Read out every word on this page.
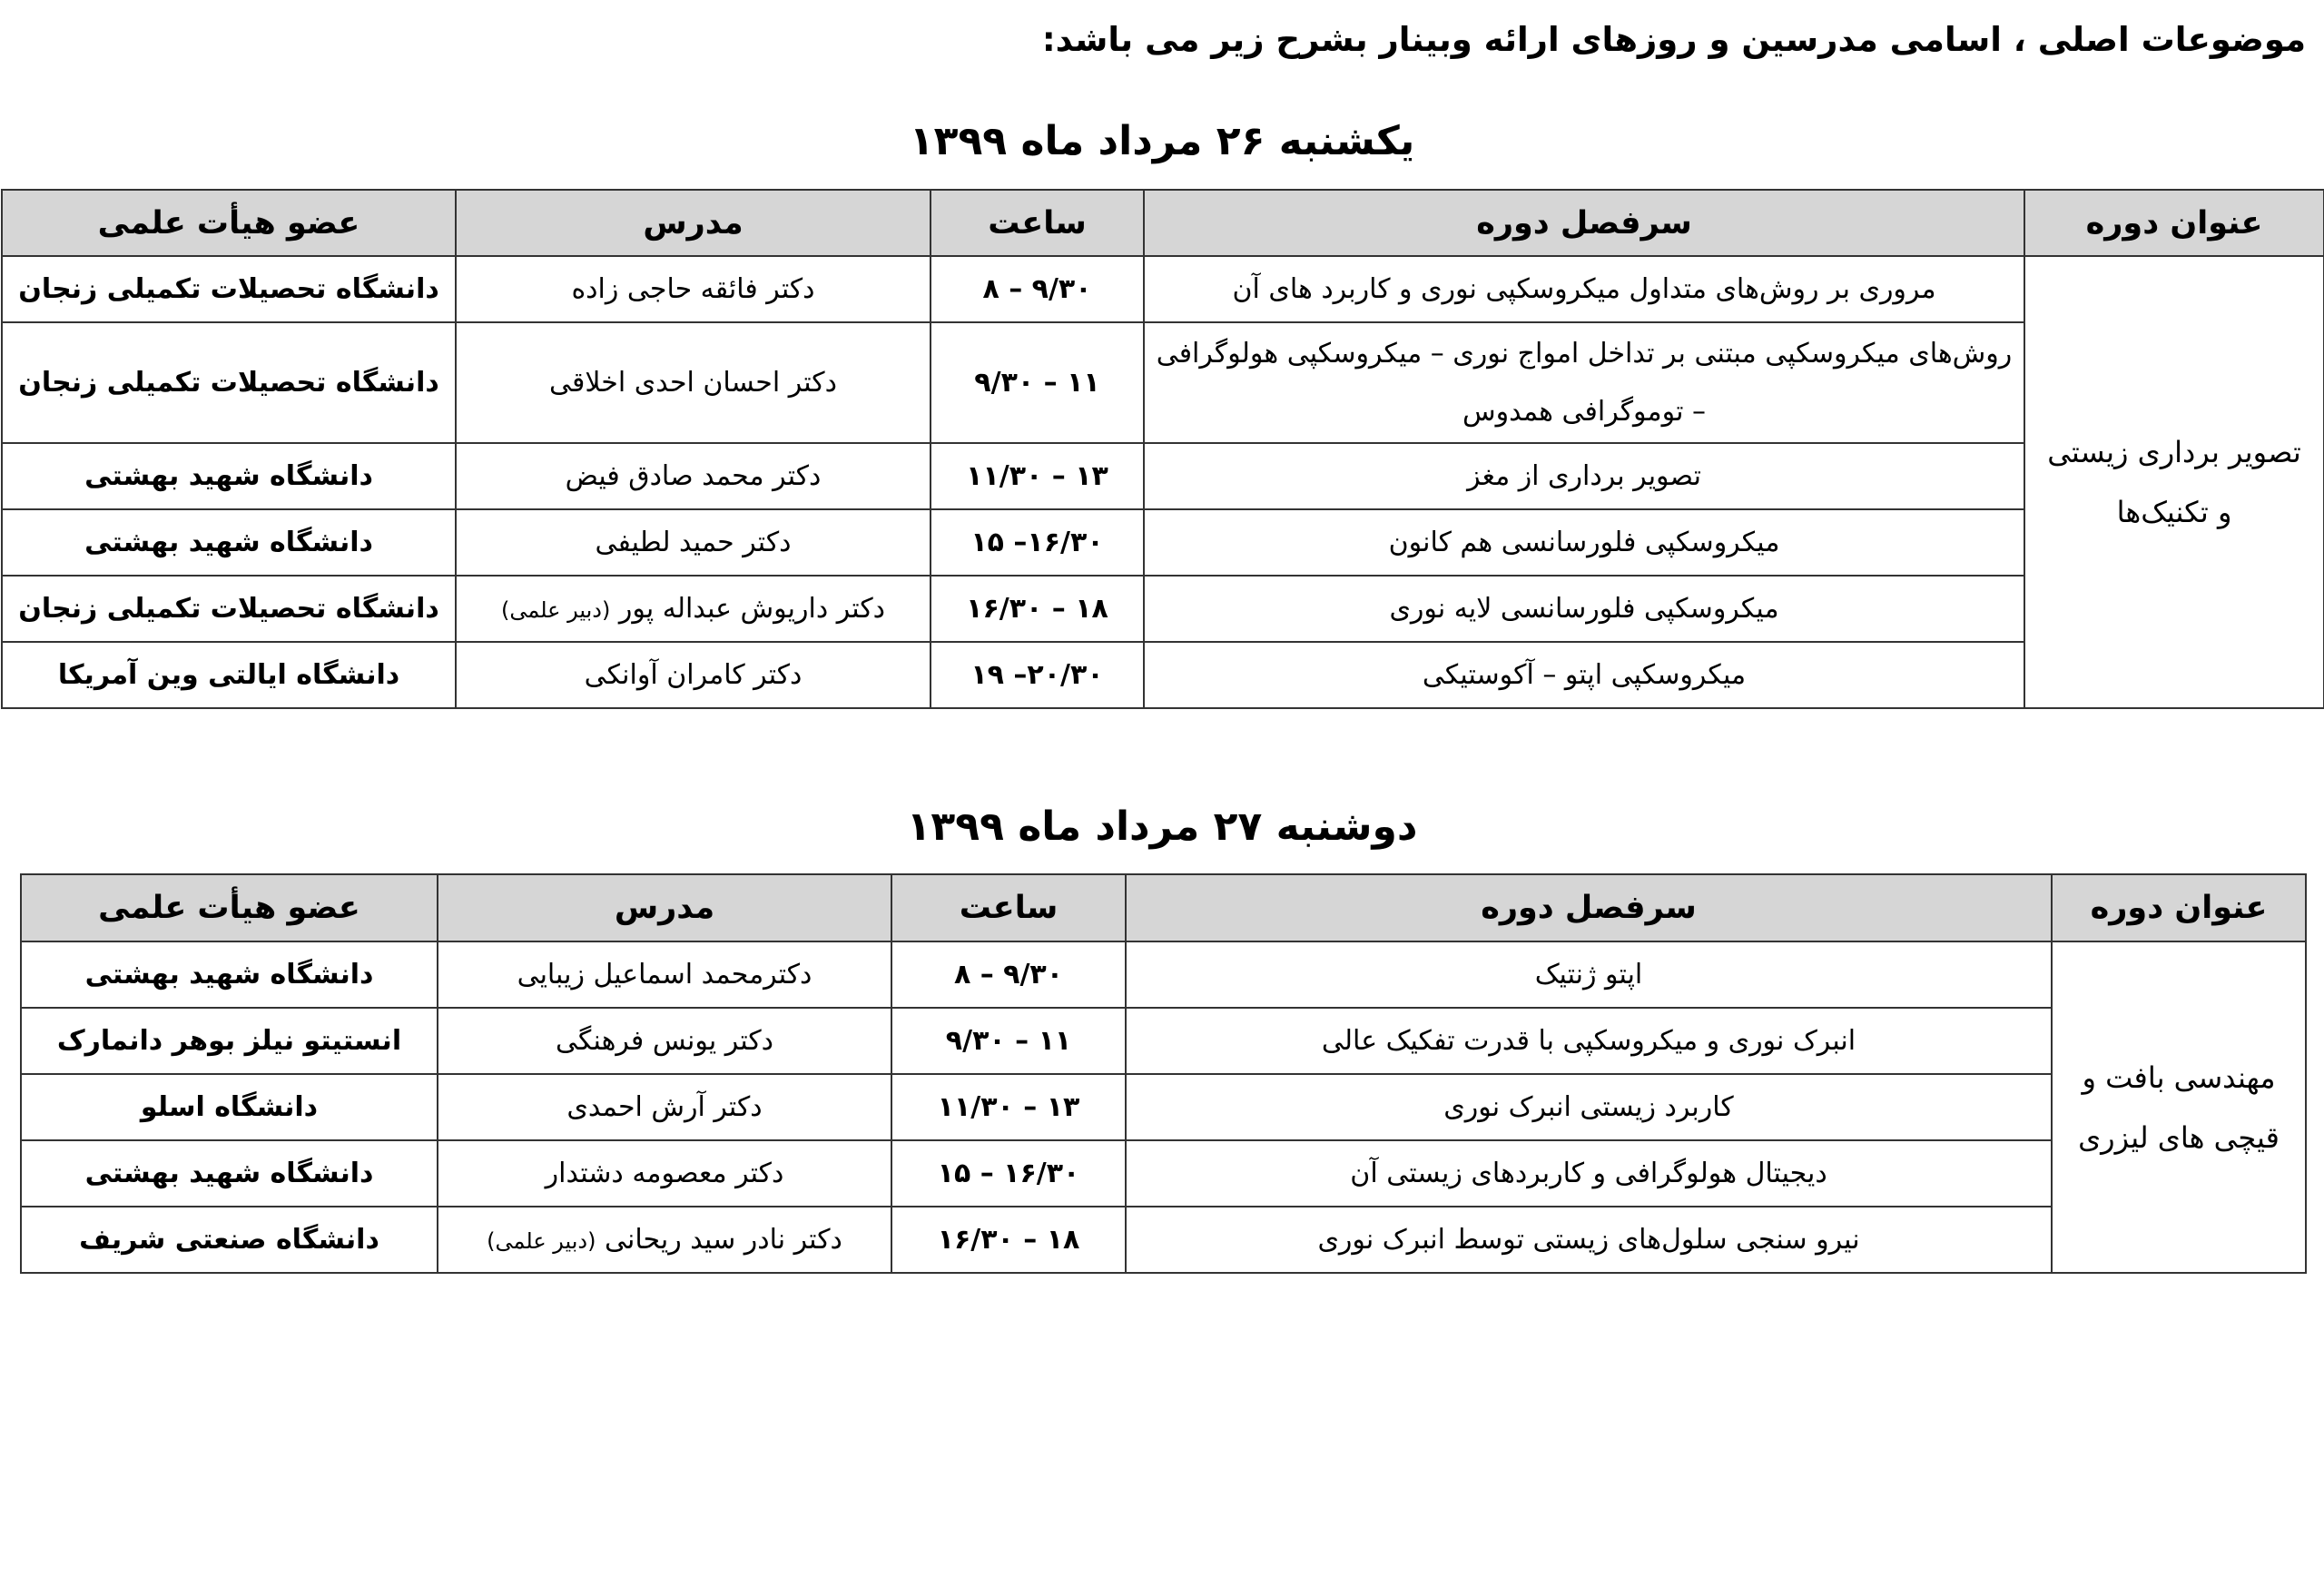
موضوعات اصلی ، اسامی مدرسین و روزهای ارائه وبینار بشرح زیر می باشد:
یکشنبه ۲۶ مرداد ماه ۱۳۹۹
عنوان دوره	سرفصل دوره	ساعت	مدرس	عضو هیأت علمی

تصویر برداری زیستی
و تکنیک‌ها	مروری بر روش‌های متداول میکروسکپی نوری و کاربرد های آن	۸ – ۹/۳۰	دکتر فائقه حاجی زاده	دانشگاه تحصیلات تکمیلی زنجان
	روش‌های میکروسکپی مبتنی بر تداخل امواج نوری – میکروسکپی هولوگرافی – توموگرافی همدوس	۹/۳۰ – ۱۱	دکتر احسان احدی اخلاقی	دانشگاه تحصیلات تکمیلی زنجان
	تصویر برداری از مغز	۱۱/۳۰ – ۱۳	دکتر محمد صادق فیض	دانشگاه شهید بهشتی
	میکروسکپی فلورسانسی هم کانون	۱۵ –۱۶/۳۰	دکتر حمید لطیفی	دانشگاه شهید بهشتی
	میکروسکپی فلورسانسی لایه نوری	۱۶/۳۰ – ۱۸	دکتر داریوش عبداله پور (دبیر علمی)	دانشگاه تحصیلات تکمیلی زنجان
	میکروسکپی اپتو – آکوستیکی	۱۹ –۲۰/۳۰	دکتر کامران آوانکی	دانشگاه ایالتی وین آمریکا
دوشنبه ۲۷ مرداد ماه ۱۳۹۹
عنوان دوره	سرفصل دوره	ساعت	مدرس	عضو هیأت علمی

مهندسی بافت و
قیچی های لیزری	اپتو ژنتیک	۸ – ۹/۳۰	دکترمحمد اسماعیل زیبایی	دانشگاه شهید بهشتی
	انبرک نوری و میکروسکپی با قدرت تفکیک عالی	۹/۳۰ – ۱۱	دکتر یونس فرهنگی	انستیتو نیلز بوهر دانمارک
	کاربرد زیستی انبرک نوری	۱۱/۳۰ – ۱۳	دکتر آرش احمدی	دانشگاه اسلو
	دیجیتال هولوگرافی و کاربردهای زیستی آن	۱۵ – ۱۶/۳۰	دکتر معصومه دشتدار	دانشگاه شهید بهشتی
	نیرو سنجی سلول‌های زیستی توسط انبرک نوری	۱۶/۳۰ – ۱۸	دکتر نادر سید ریحانی (دبیر علمی)	دانشگاه صنعتی شریف
